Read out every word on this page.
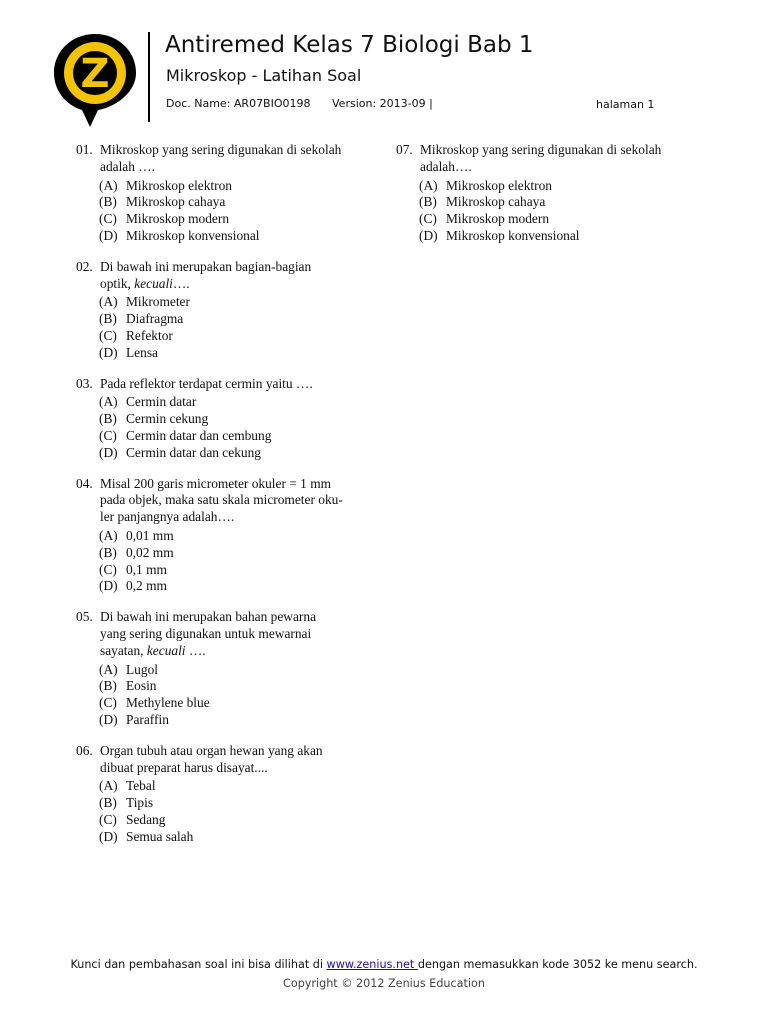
Z
Antiremed Kelas 7 Biologi Bab 1
Mikroskop - Latihan Soal
Doc. Name: AR07BIO0198 Version: 2013-09 |	halaman 1
01. Mikroskop yang sering digunakan di sekolah
adalah ….
(A) Mikroskop elektron
(B) Mikroskop cahaya
(C) Mikroskop modern
(D) Mikroskop konvensional
02. Di bawah ini merupakan bagian-bagian
optik, kecuali….
(A) Mikrometer
(B) Diafragma
(C) Refektor
(D) Lensa
03. Pada reflektor terdapat cermin yaitu ….
(A) Cermin datar
(B) Cermin cekung
(C) Cermin datar dan cembung
(D) Cermin datar dan cekung
04. Misal 200 garis micrometer okuler = 1 mm
pada objek, maka satu skala micrometer oku-
ler panjangnya adalah….
(A) 0,01 mm
(B) 0,02 mm
(C) 0,1 mm
(D) 0,2 mm
05. Di bawah ini merupakan bahan pewarna
yang sering digunakan untuk mewarnai
sayatan, kecuali ….
(A) Lugol
(B) Eosin
(C) Methylene blue
(D) Paraffin
06. Organ tubuh atau organ hewan yang akan
dibuat preparat harus disayat....
(A) Tebal
(B) Tipis
(C) Sedang
(D) Semua salah
07. Mikroskop yang sering digunakan di sekolah
adalah….
(A) Mikroskop elektron
(B) Mikroskop cahaya
(C) Mikroskop modern
(D) Mikroskop konvensional
Kunci dan pembahasan soal ini bisa dilihat di www.zenius.net dengan memasukkan kode 3052 ke menu search.
Copyright © 2012 Zenius Education
